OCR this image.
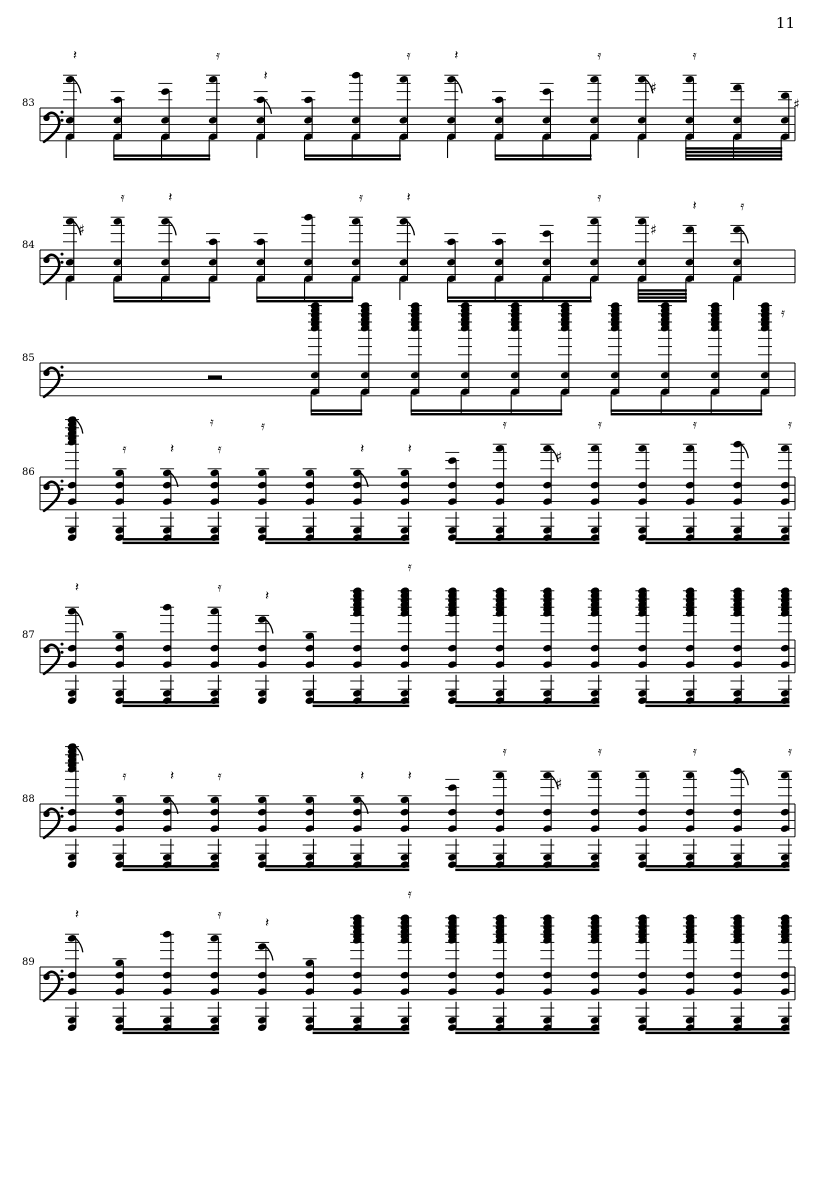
11
83
𝄽	𝄿
𝄽
𝄿	𝄽	𝄿
♯
𝄿
♯
84
♯
𝄿	𝄽	𝄿	𝄽	𝄿
♯
𝄽	𝄿
𝄿
85
𝄿	𝄿
86
𝄿	𝄽	𝄿	𝄽	𝄽
𝄿
♯
𝄿	𝄿	𝄿
87
𝄽	𝄿
𝄽
𝄿
88
𝄿	𝄽	𝄿	𝄽	𝄽
𝄿
♯
𝄿	𝄿	𝄿
89
𝄽	𝄿
𝄽
𝄿
